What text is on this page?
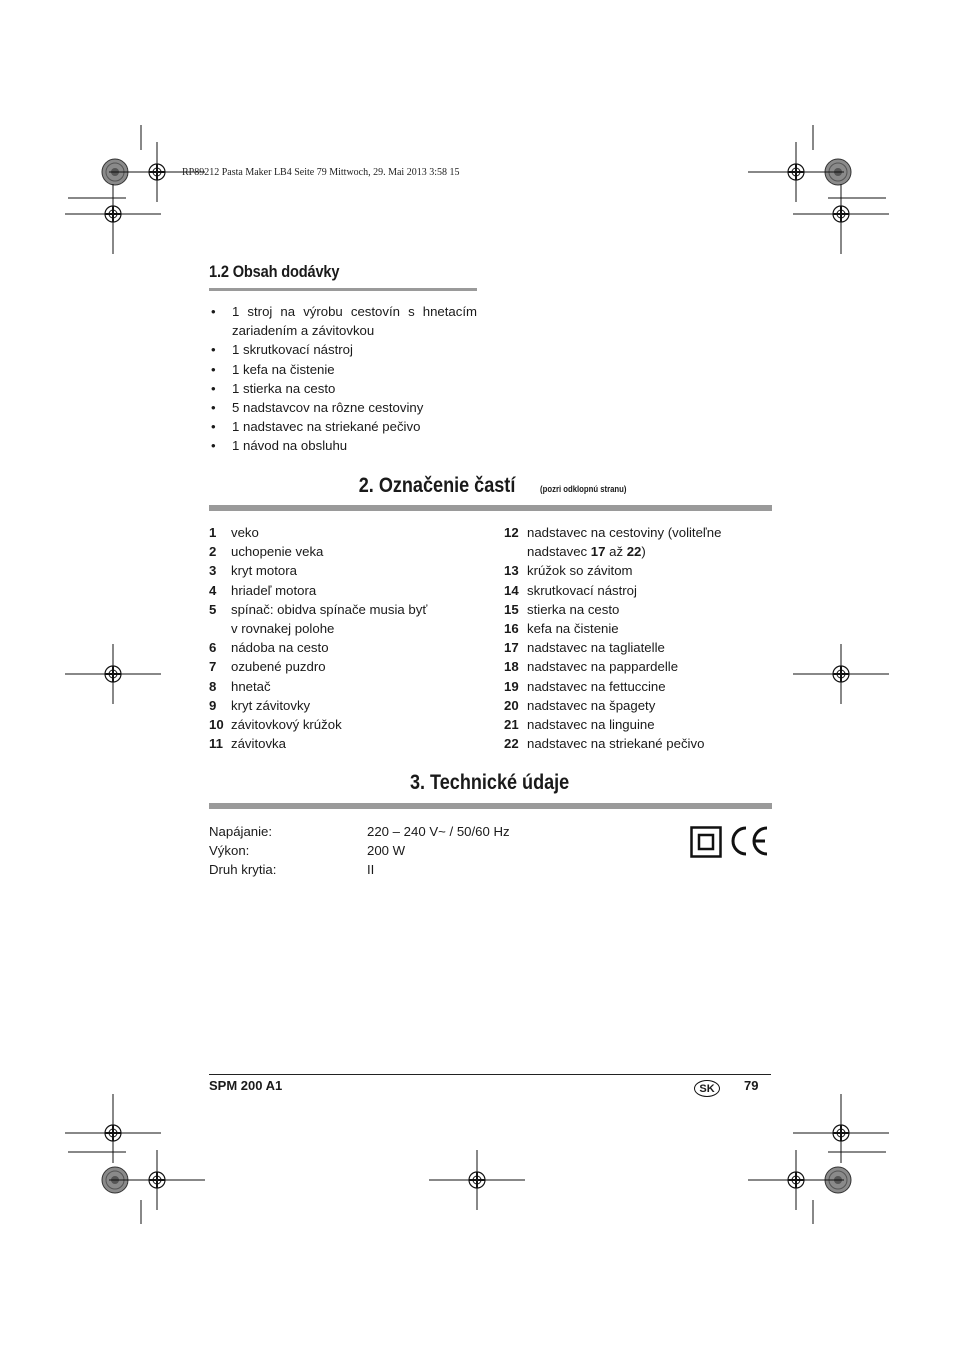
RP89212 Pasta Maker LB4 Seite 79 Mittwoch, 29. Mai 2013 3:58 15
1.2 Obsah dodávky
• 1 stroj na výrobu cestovín s hnetacím
zariadením a závitovkou
• 1 skrutkovací nástroj
• 1 kefa na čistenie
• 1 stierka na cesto
• 5 nadstavcov na rôzne cestoviny
• 1 nadstavec na striekané pečivo
• 1 návod na obsluhu
2. Označenie častí	(pozri odklopnú stranu)
1	veko
2	uchopenie veka
3	kryt motora
4	hriadeľ motora
5	spínač: obidva spínače musia byť
v rovnakej polohe
6	nádoba na cesto
7	ozubené puzdro
8	hnetač
9	kryt závitovky
10 závitovkový krúžok
11 závitovka
12 nadstavec na cestoviny (voliteľne
nadstavec 17 až 22)
13 krúžok so závitom
14 skrutkovací nástroj
15 stierka na cesto
16 kefa na čistenie
17 nadstavec na tagliatelle
18 nadstavec na pappardelle
19 nadstavec na fettuccine
20 nadstavec na špagety
21 nadstavec na linguine
22 nadstavec na striekané pečivo
3. Technické údaje
Napájanie:	220 – 240 V~ / 50/60 Hz
Výkon:	200 W
Druh krytia:	II
SPM 200 A1	SK	79
